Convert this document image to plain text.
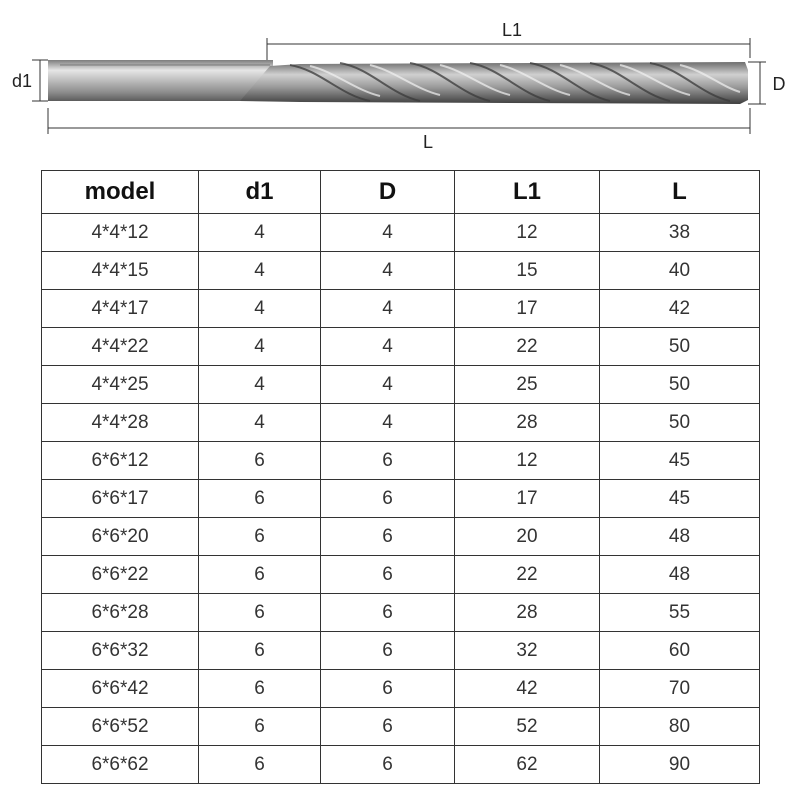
L1
d1	D
L
model	d1	D	L1	L
4*4*12	4	4	12	38
4*4*15	4	4	15	40
4*4*17	4	4	17	42
4*4*22	4	4	22	50
4*4*25	4	4	25	50
4*4*28	4	4	28	50
6*6*12	6	6	12	45
6*6*17	6	6	17	45
6*6*20	6	6	20	48
6*6*22	6	6	22	48
6*6*28	6	6	28	55
6*6*32	6	6	32	60
6*6*42	6	6	42	70
6*6*52	6	6	52	80
6*6*62	6	6	62	90
